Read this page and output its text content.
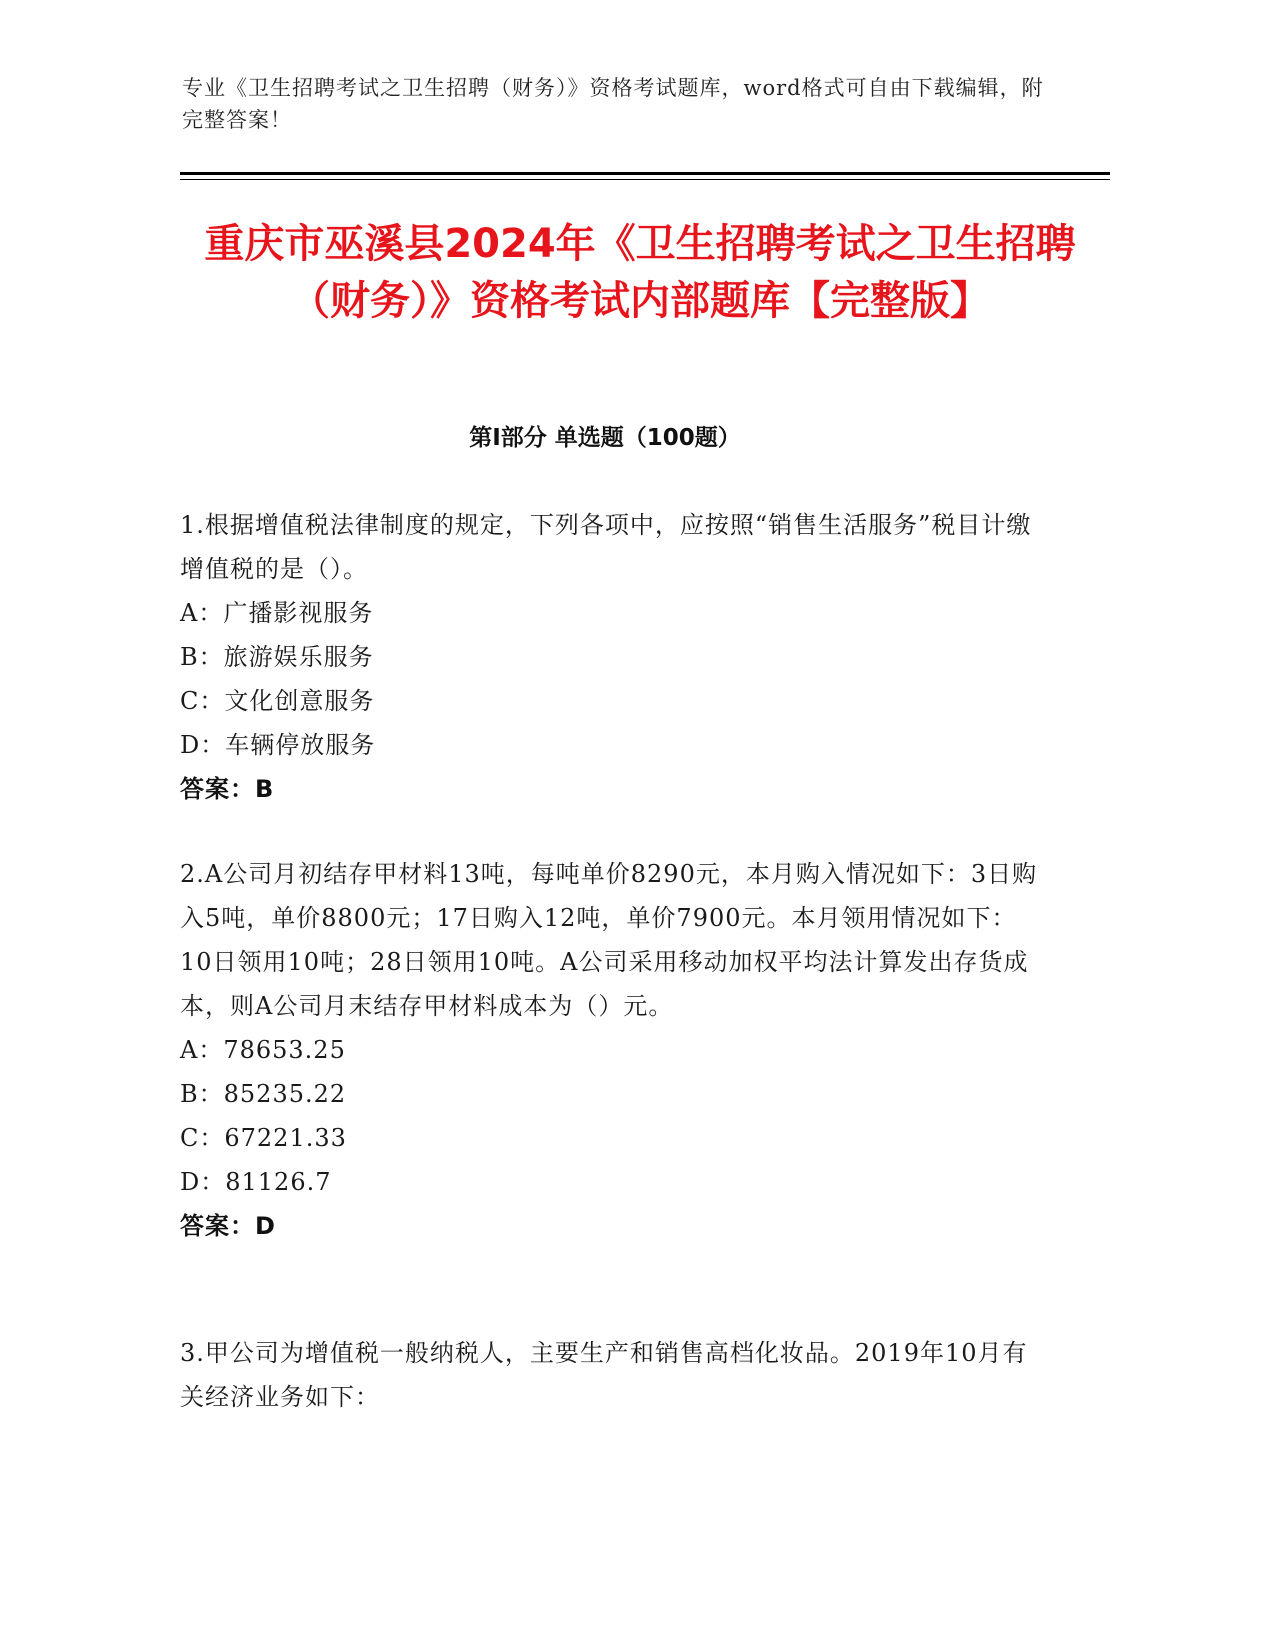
专业《卫生招聘考试之卫生招聘（财务）》资格考试题库，word格式可自由下载编辑，附完整答案！
重庆市巫溪县2024年《卫生招聘考试之卫生招聘（财务）》资格考试内部题库【完整版】
第I部分 单选题（100题）

1.根据增值税法律制度的规定，下列各项中，应按照“销售生活服务”税目计缴增值税的是（）。

A：广播影视服务

B：旅游娱乐服务

C：文化创意服务

D：车辆停放服务

答案：B

2.A公司月初结存甲材料13吨，每吨单价8290元，本月购入情况如下：3日购入5吨，单价8800元；17日购入12吨，单价7900元。本月领用情况如下：10日领用10吨；28日领用10吨。A公司采用移动加权平均法计算发出存货成本，则A公司月末结存甲材料成本为（）元。

A：78653.25

B：85235.22

C：67221.33

D：81126.7

答案：D

3.甲公司为增值税一般纳税人，主要生产和销售高档化妆品。2019年10月有关经济业务如下：
